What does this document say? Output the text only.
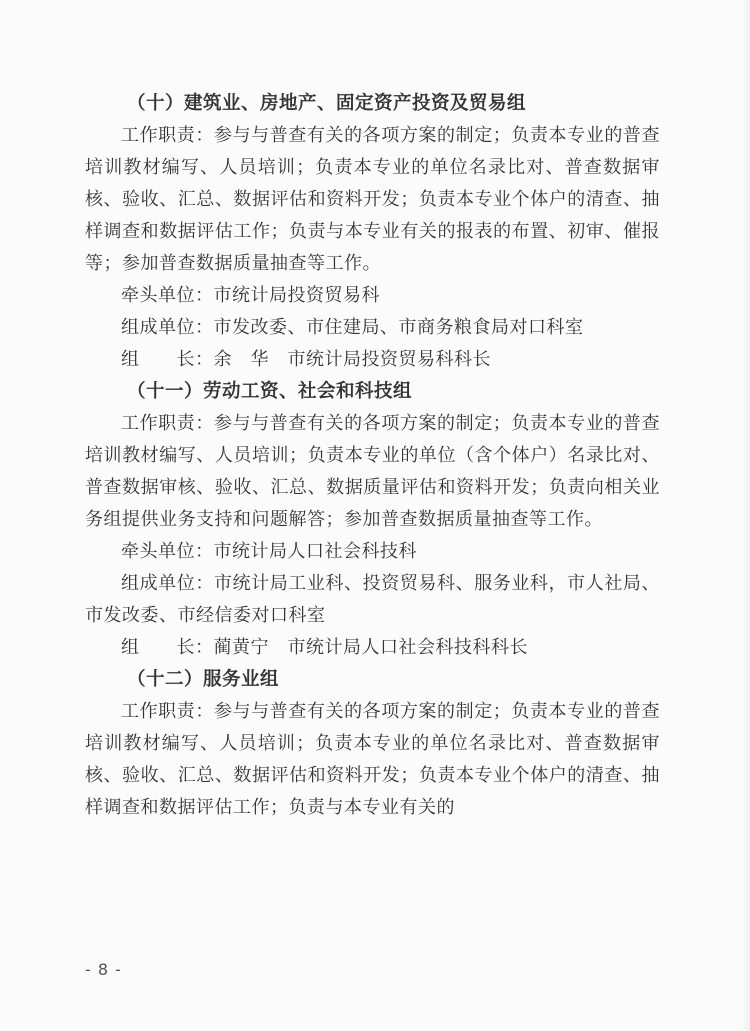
（十）建筑业、房地产、固定资产投资及贸易组

工作职责：参与与普查有关的各项方案的制定；负责本专业的普查培训教材编写、人员培训；负责本专业的单位名录比对、普查数据审核、验收、汇总、数据评估和资料开发；负责本专业个体户的清查、抽样调查和数据评估工作；负责与本专业有关的报表的布置、初审、催报等；参加普查数据质量抽查等工作。

牵头单位：市统计局投资贸易科

组成单位：市发改委、市住建局、市商务粮食局对口科室

组　　长：余　华　市统计局投资贸易科科长

（十一）劳动工资、社会和科技组

工作职责：参与与普查有关的各项方案的制定；负责本专业的普查培训教材编写、人员培训；负责本专业的单位（含个体户）名录比对、普查数据审核、验收、汇总、数据质量评估和资料开发；负责向相关业务组提供业务支持和问题解答；参加普查数据质量抽查等工作。

牵头单位：市统计局人口社会科技科

组成单位：市统计局工业科、投资贸易科、服务业科，市人社局、市发改委、市经信委对口科室

组　　长：蔺黄宁　市统计局人口社会科技科科长

（十二）服务业组

工作职责：参与与普查有关的各项方案的制定；负责本专业的普查培训教材编写、人员培训；负责本专业的单位名录比对、普查数据审核、验收、汇总、数据评估和资料开发；负责本专业个体户的清查、抽样调查和数据评估工作；负责与本专业有关的

- 8 -
